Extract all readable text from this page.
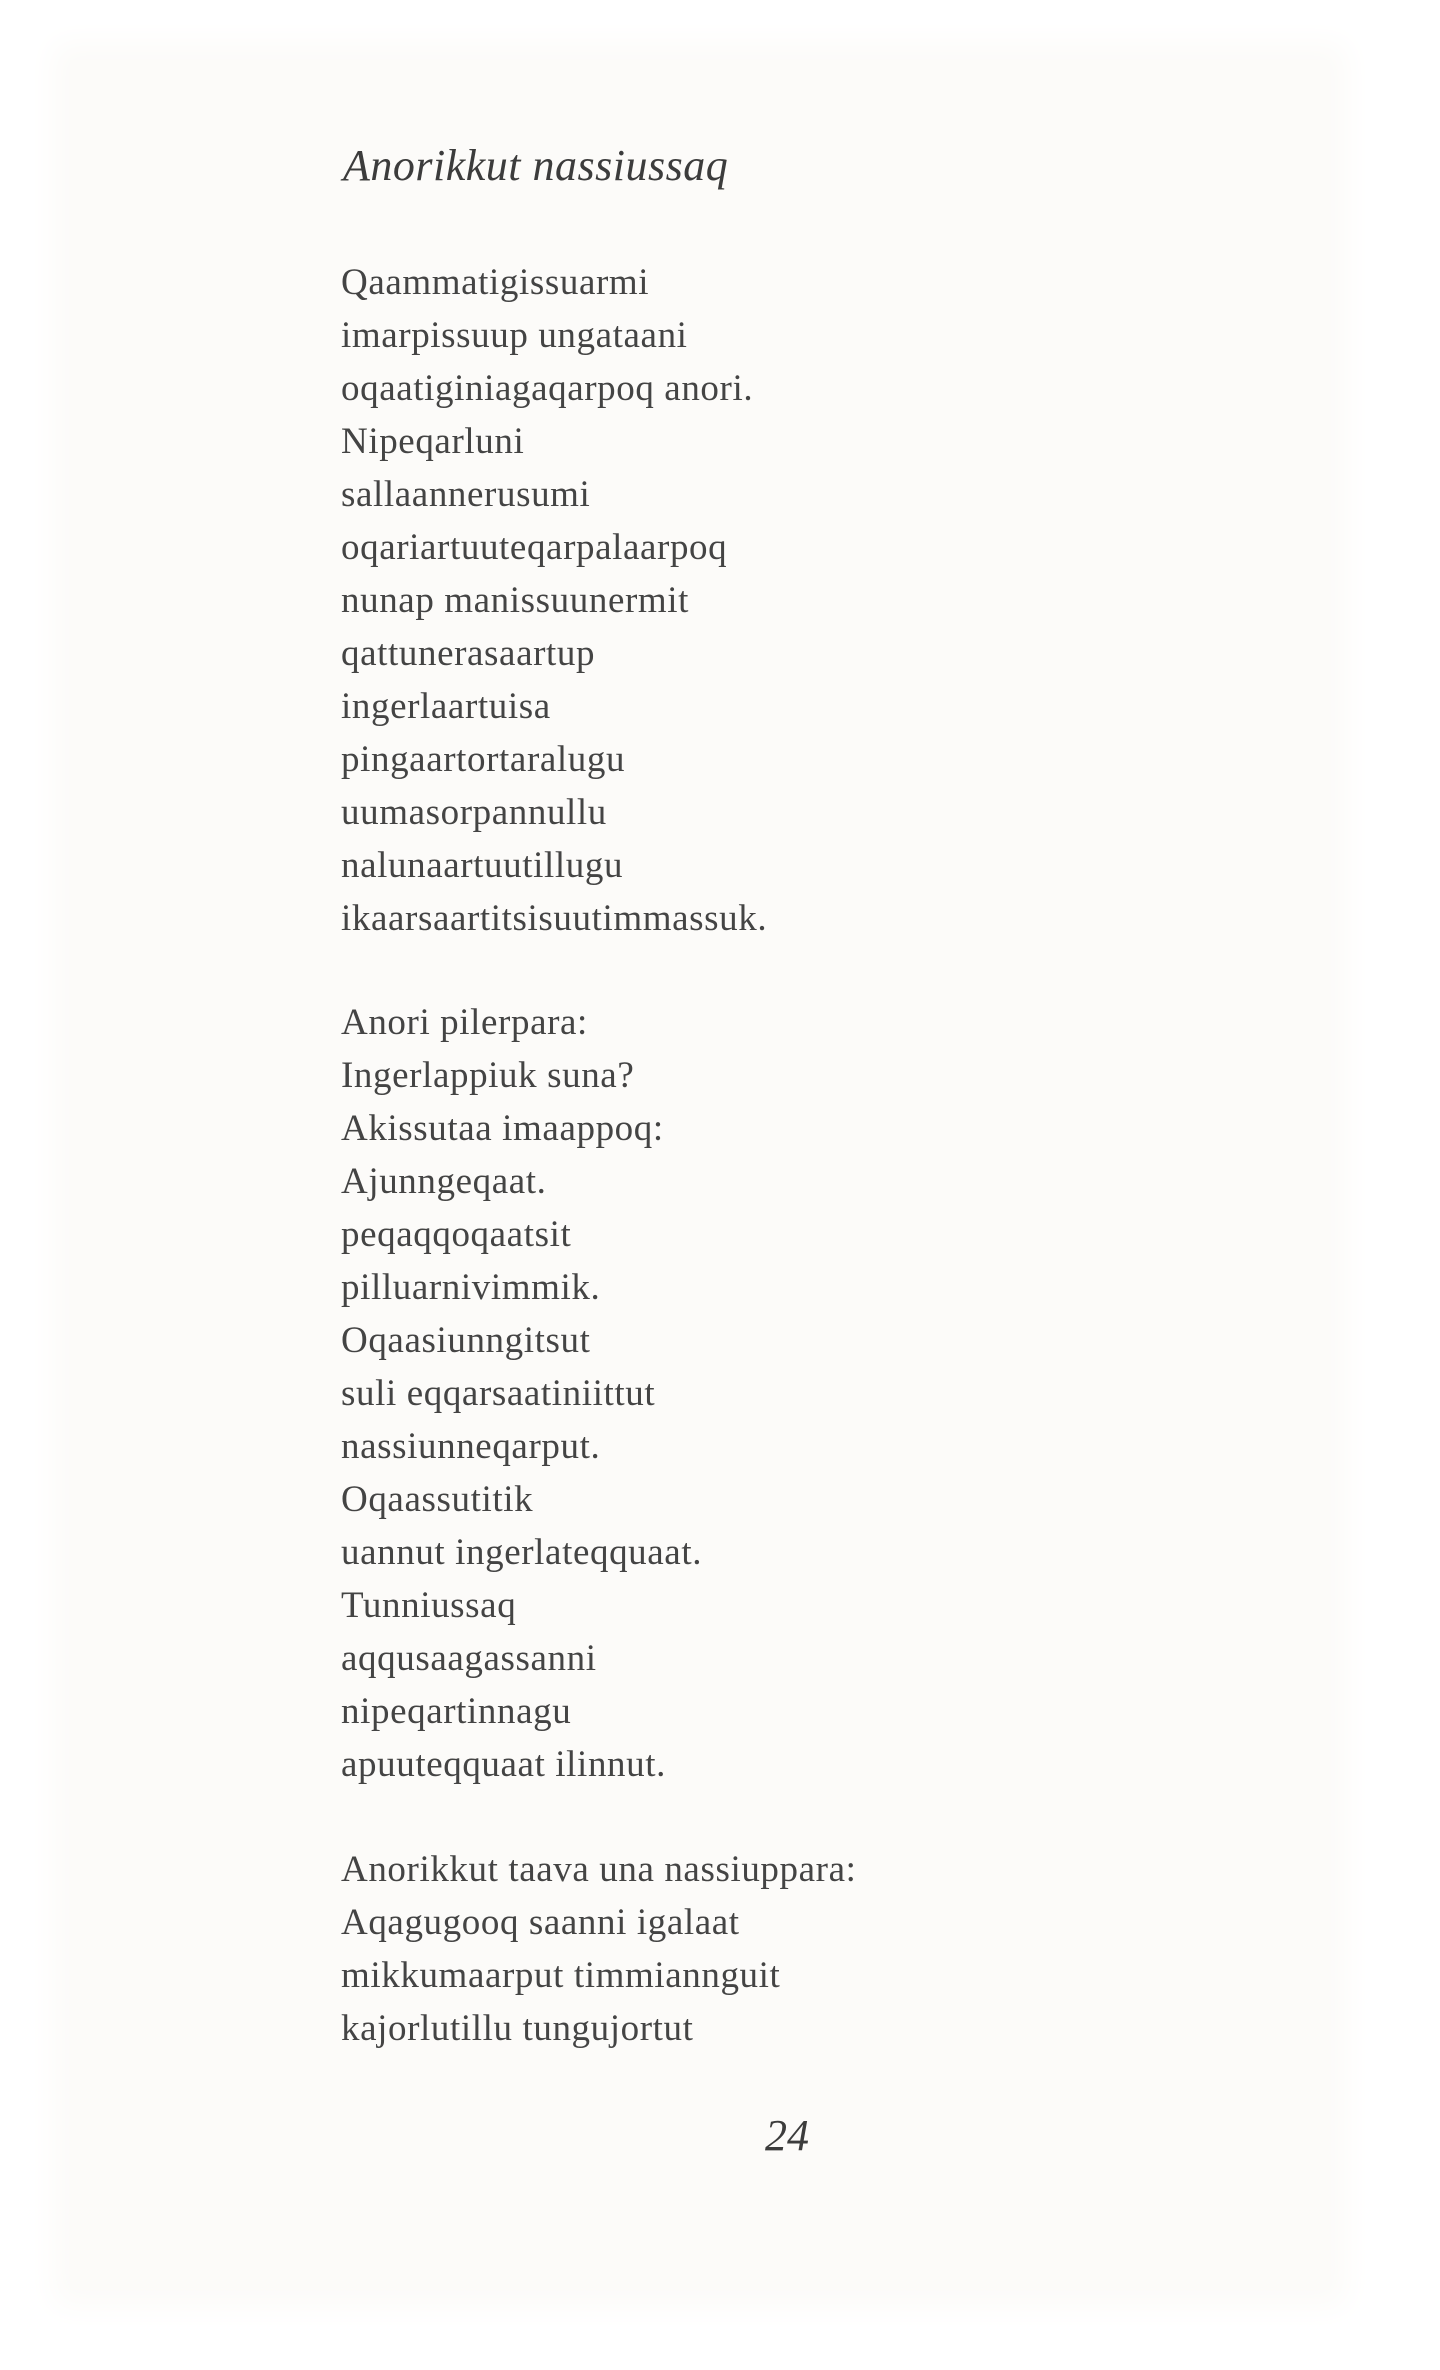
Anorikkut nassiussaq
Qaammatigissuarmi
imarpissuup ungataani
oqaatiginiagaqarpoq anori.
Nipeqarluni
sallaannerusumi
oqariartuuteqarpalaarpoq
nunap manissuunermit
qattunerasaartup
ingerlaartuisa
pingaartortaralugu
uumasorpannullu
nalunaartuutillugu
ikaarsaartitsisuutimmassuk.
Anori pilerpara:
Ingerlappiuk suna?
Akissutaa imaappoq:
Ajunngeqaat.
peqaqqoqaatsit
pilluarnivimmik.
Oqaasiunngitsut
suli eqqarsaatiniittut
nassiunneqarput.
Oqaassutitik
uannut ingerlateqquaat.
Tunniussaq
aqqusaagassanni
nipeqartinnagu
apuuteqquaat ilinnut.
Anorikkut taava una nassiuppara:
Aqagugooq saanni igalaat
mikkumaarput timmiannguit
kajorlutillu tungujortut

24
